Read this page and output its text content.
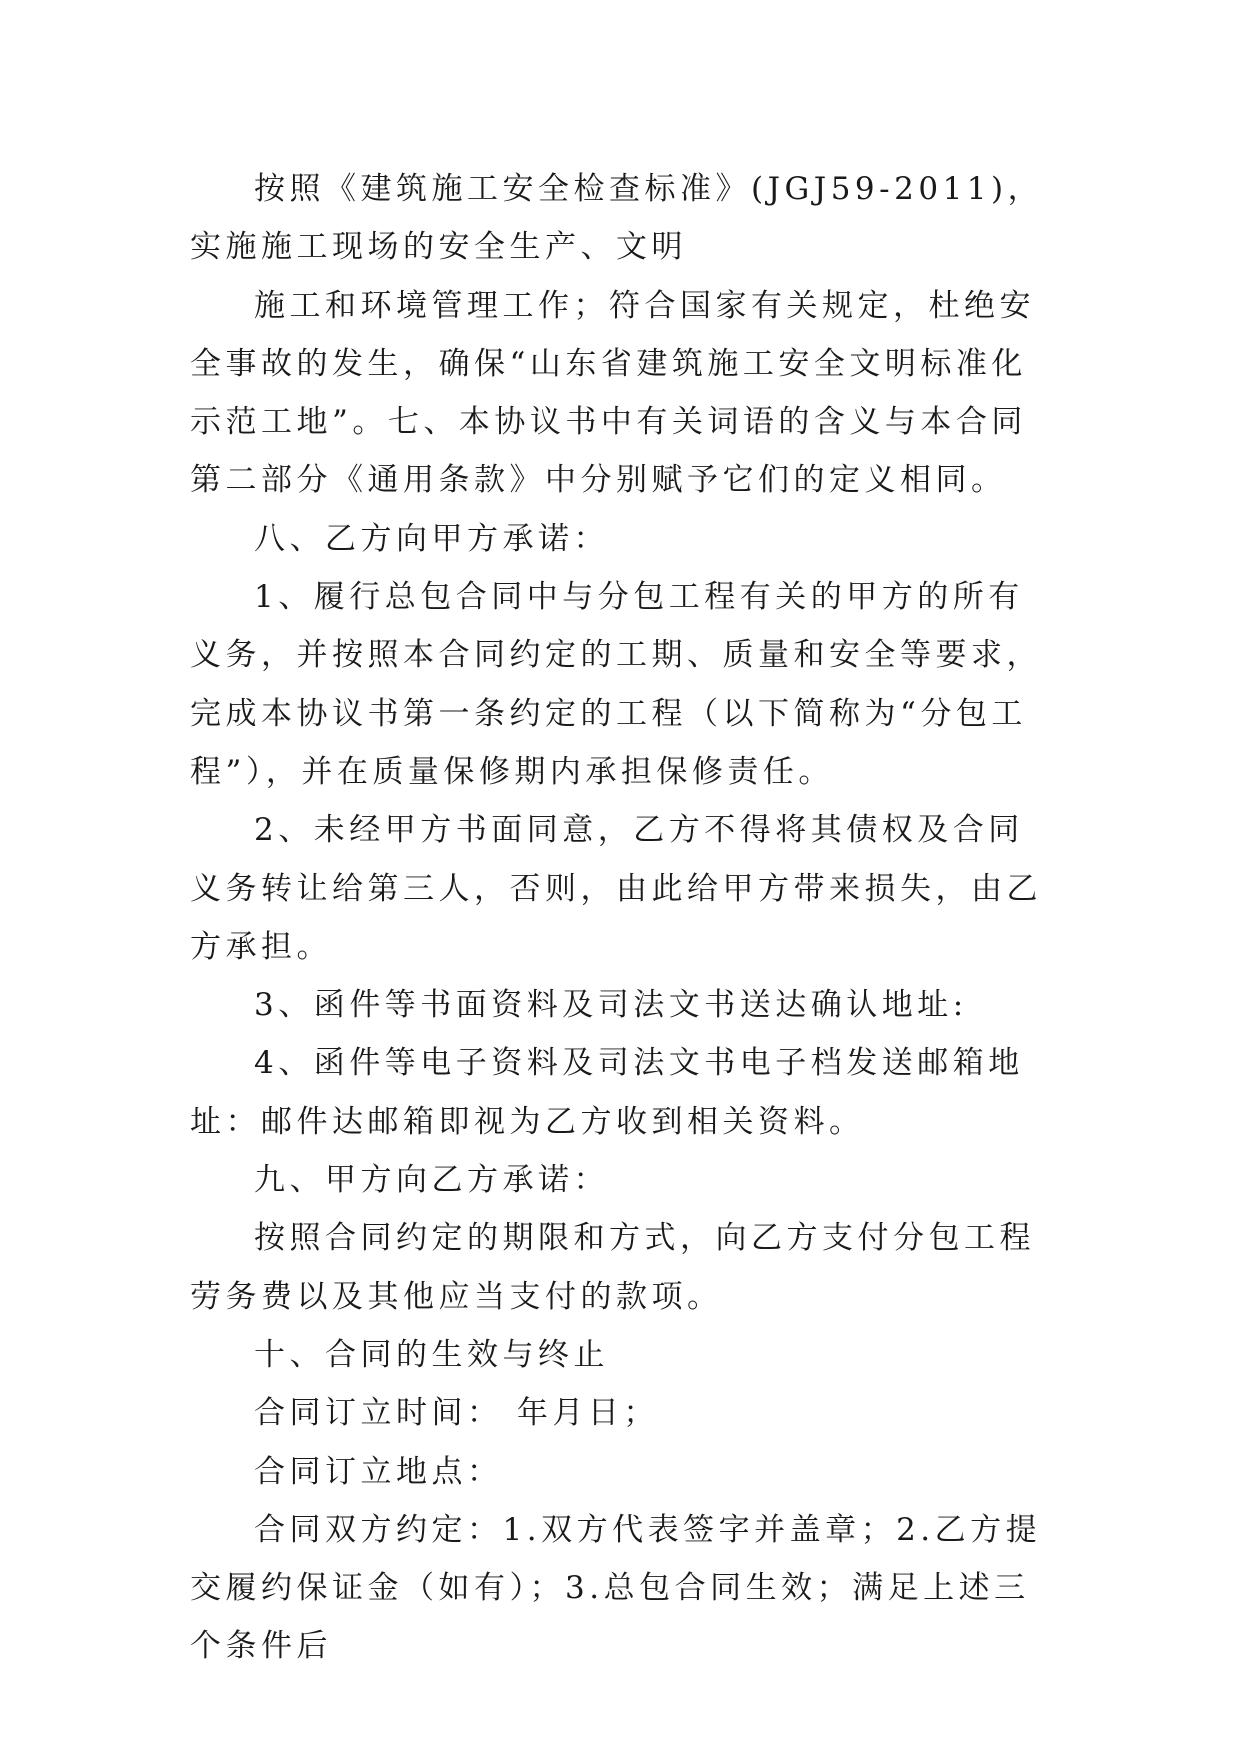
按照《建筑施工安全检查标准》(JGJ59-2011)，实施施工现场的安全生产、文明

施工和环境管理工作；符合国家有关规定，杜绝安全事故的发生，确保“山东省建筑施工安全文明标准化示范工地”。七、本协议书中有关词语的含义与本合同第二部分《通用条款》中分别赋予它们的定义相同。

八、乙方向甲方承诺：

1、履行总包合同中与分包工程有关的甲方的所有义务，并按照本合同约定的工期、质量和安全等要求，完成本协议书第一条约定的工程（以下简称为“分包工程”），并在质量保修期内承担保修责任。

2、未经甲方书面同意，乙方不得将其债权及合同义务转让给第三人，否则，由此给甲方带来损失，由乙方承担。

3、函件等书面资料及司法文书送达确认地址:

4、函件等电子资料及司法文书电子档发送邮箱地址：邮件达邮箱即视为乙方收到相关资料。

九、甲方向乙方承诺：

按照合同约定的期限和方式，向乙方支付分包工程劳务费以及其他应当支付的款项。

十、合同的生效与终止

合同订立时间： 年月日；

合同订立地点：

合同双方约定：1.双方代表签字并盖章；2.乙方提交履约保证金（如有）；3.总包合同生效；满足上述三个条件后
